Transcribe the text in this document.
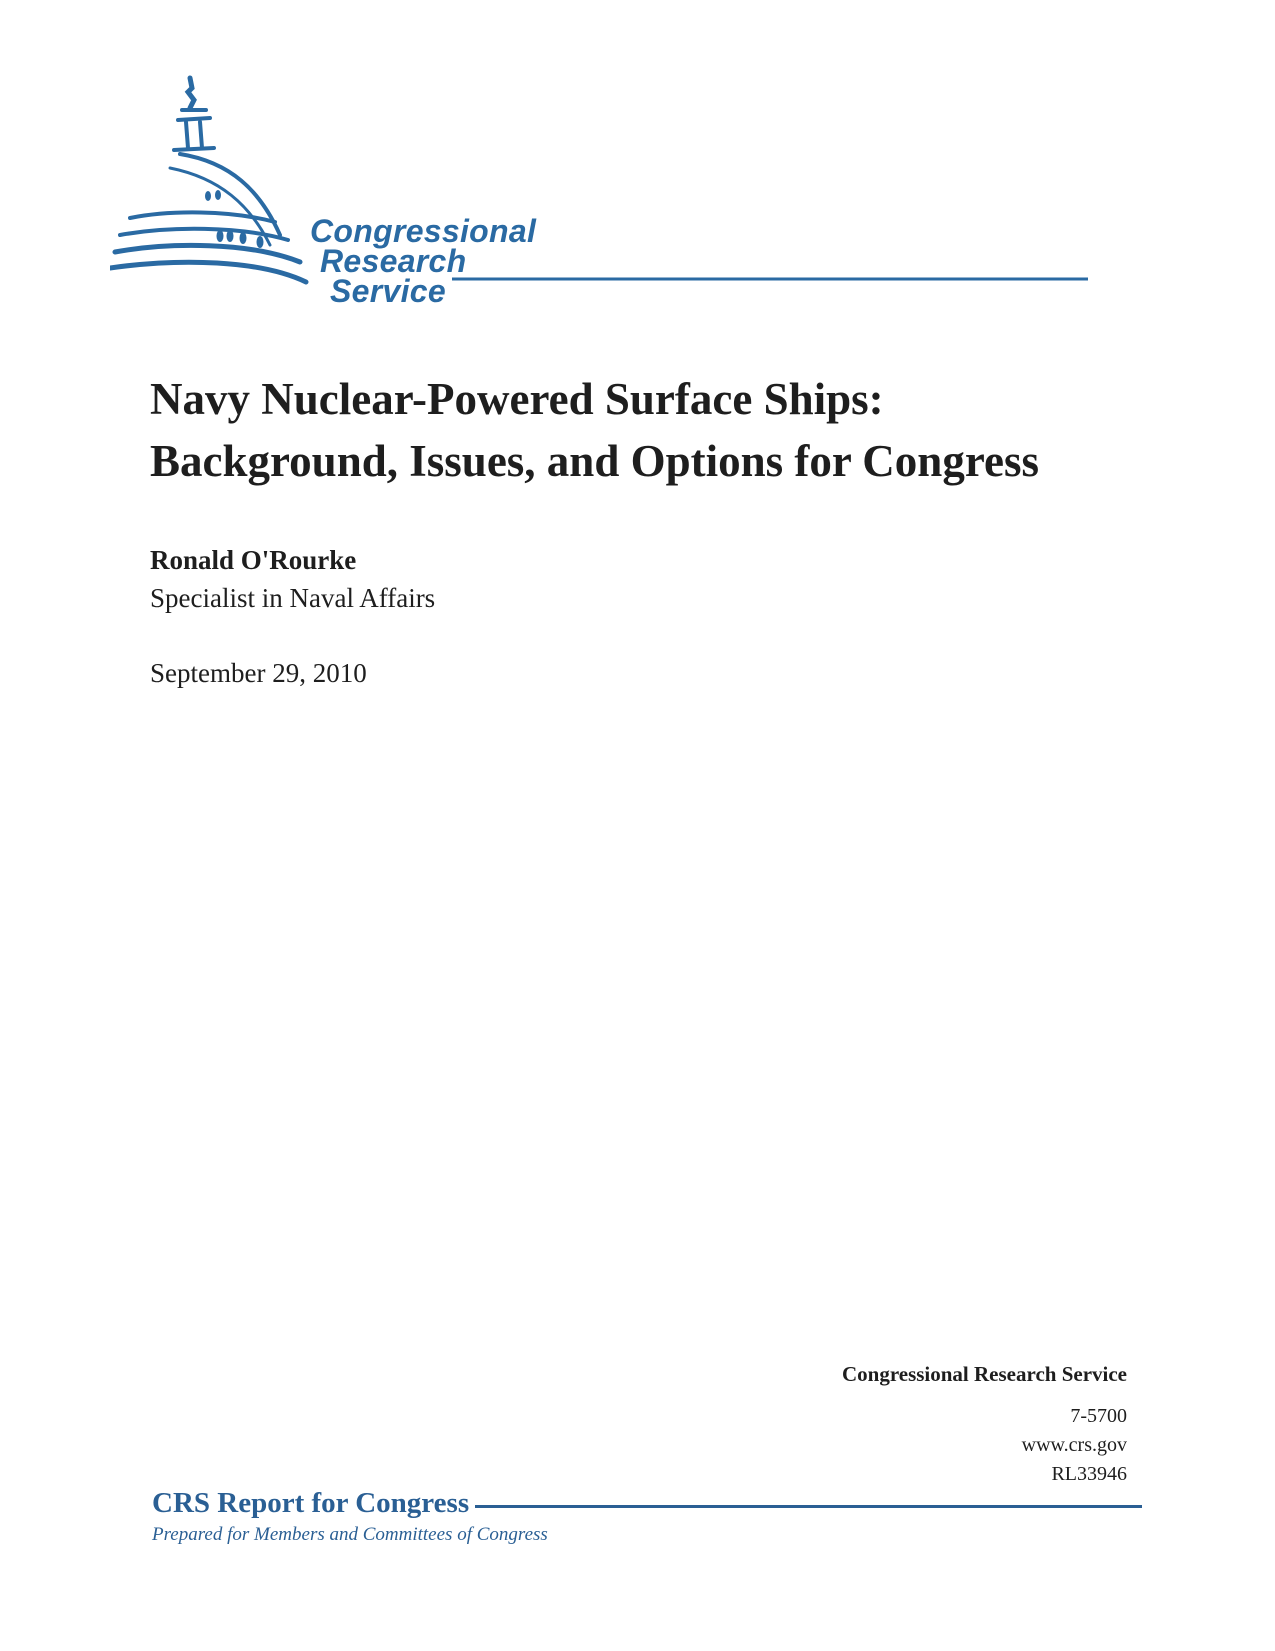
Congressional
Research
Service
Navy Nuclear-Powered Surface Ships:
Background, Issues, and Options for Congress
Ronald O'Rourke
Specialist in Naval Affairs
September 29, 2010
Congressional Research Service
7-5700
www.crs.gov
RL33946
CRS Report for Congress
Prepared for Members and Committees of Congress
